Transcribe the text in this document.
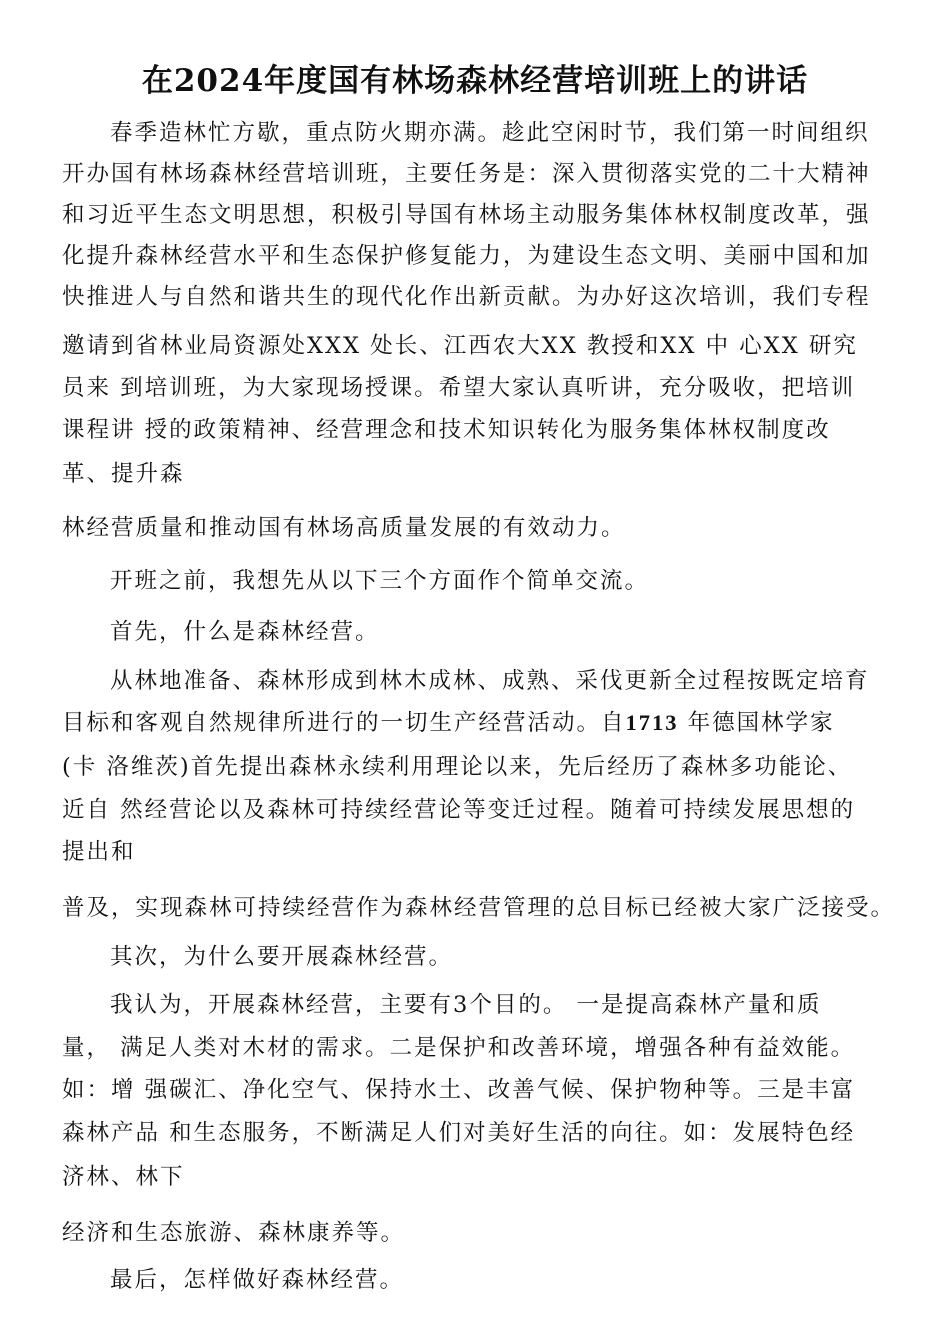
在2024年度国有林场森林经营培训班上的讲话
春季造林忙方歇，重点防火期亦满。趁此空闲时节，我们第一时间组织
开办国有林场森林经营培训班，主要任务是：深入贯彻落实党的二十大精神
和习近平生态文明思想，积极引导国有林场主动服务集体林权制度改革，强
化提升森林经营水平和生态保护修复能力，为建设生态文明、美丽中国和加
快推进人与自然和谐共生的现代化作出新贡献。为办好这次培训，我们专程
邀请到省林业局资源处XXX 处长、江西农大XX 教授和XX 中 心XX 研究
员来 到培训班，为大家现场授课。希望大家认真听讲，充分吸收，把培训
课程讲 授的政策精神、经营理念和技术知识转化为服务集体林权制度改
革、提升森
林经营质量和推动国有林场高质量发展的有效动力。
开班之前，我想先从以下三个方面作个简单交流。
首先，什么是森林经营。
从林地准备、森林形成到林木成林、成熟、采伐更新全过程按既定培育
目标和客观自然规律所进行的一切生产经营活动。自1713 年德国林学家
(卡 洛维茨)首先提出森林永续利用理论以来，先后经历了森林多功能论、
近自 然经营论以及森林可持续经营论等变迁过程。随着可持续发展思想的
提出和
普及，实现森林可持续经营作为森林经营管理的总目标已经被大家广泛接受。
其次，为什么要开展森林经营。
我认为，开展森林经营，主要有3个目的。 一是提高森林产量和质
量， 满足人类对木材的需求。二是保护和改善环境，增强各种有益效能。
如：增 强碳汇、净化空气、保持水土、改善气候、保护物种等。三是丰富
森林产品 和生态服务，不断满足人们对美好生活的向往。如：发展特色经
济林、林下
经济和生态旅游、森林康养等。
最后，怎样做好森林经营。
